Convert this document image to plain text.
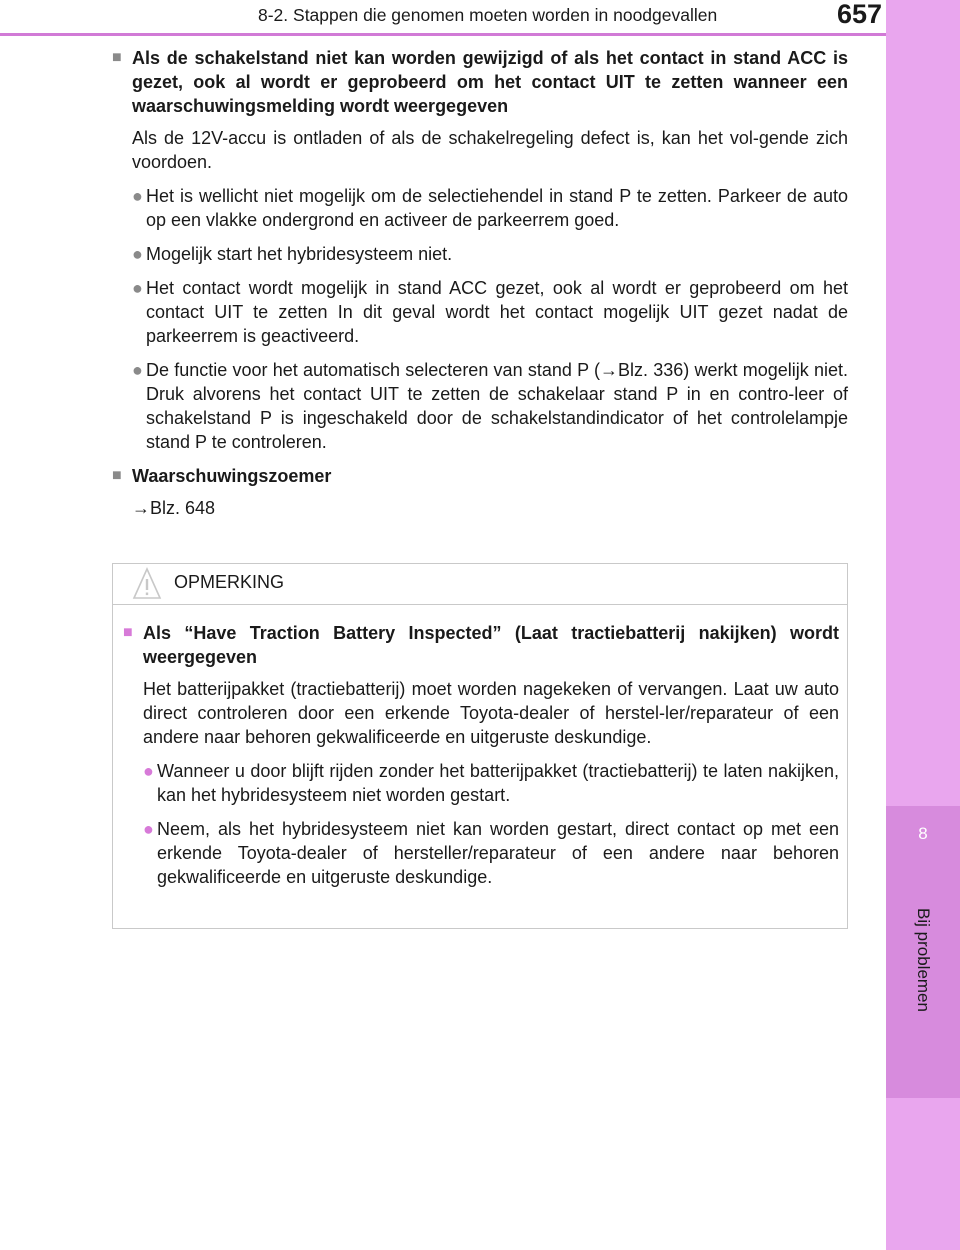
8
Bij problemen
8-2. Stappen die genomen moeten worden in noodgevallen	657
■ Als de schakelstand niet kan worden gewijzigd of als het contact in stand ACC is gezet, ook al wordt er geprobeerd om het contact UIT te zetten wanneer een waarschuwingsmelding wordt weergegeven

Als de 12V-accu is ontladen of als de schakelregeling defect is, kan het vol-gende zich voordoen.

● Het is wellicht niet mogelijk om de selectiehendel in stand P te zetten. Parkeer de auto op een vlakke ondergrond en activeer de parkeerrem goed.
● Mogelijk start het hybridesysteem niet.
● Het contact wordt mogelijk in stand ACC gezet, ook al wordt er geprobeerd om het contact UIT te zetten In dit geval wordt het contact mogelijk UIT gezet nadat de parkeerrem is geactiveerd.
● De functie voor het automatisch selecteren van stand P (→Blz. 336) werkt mogelijk niet. Druk alvorens het contact UIT te zetten de schakelaar stand P in en contro-leer of schakelstand P is ingeschakeld door de schakelstandindicator of het controlelampje stand P te controleren.
■ Waarschuwingszoemer

→Blz. 648

OPMERKING
■ Als “Have Traction Battery Inspected” (Laat tractiebatterij nakijken) wordt weergegeven

Het batterijpakket (tractiebatterij) moet worden nagekeken of vervangen. Laat uw auto direct controleren door een erkende Toyota-dealer of herstel-ler/reparateur of een andere naar behoren gekwalificeerde en uitgeruste deskundige.

● Wanneer u door blijft rijden zonder het batterijpakket (tractiebatterij) te laten nakijken, kan het hybridesysteem niet worden gestart.
● Neem, als het hybridesysteem niet kan worden gestart, direct contact op met een erkende Toyota-dealer of hersteller/reparateur of een andere naar behoren gekwalificeerde en uitgeruste deskundige.
